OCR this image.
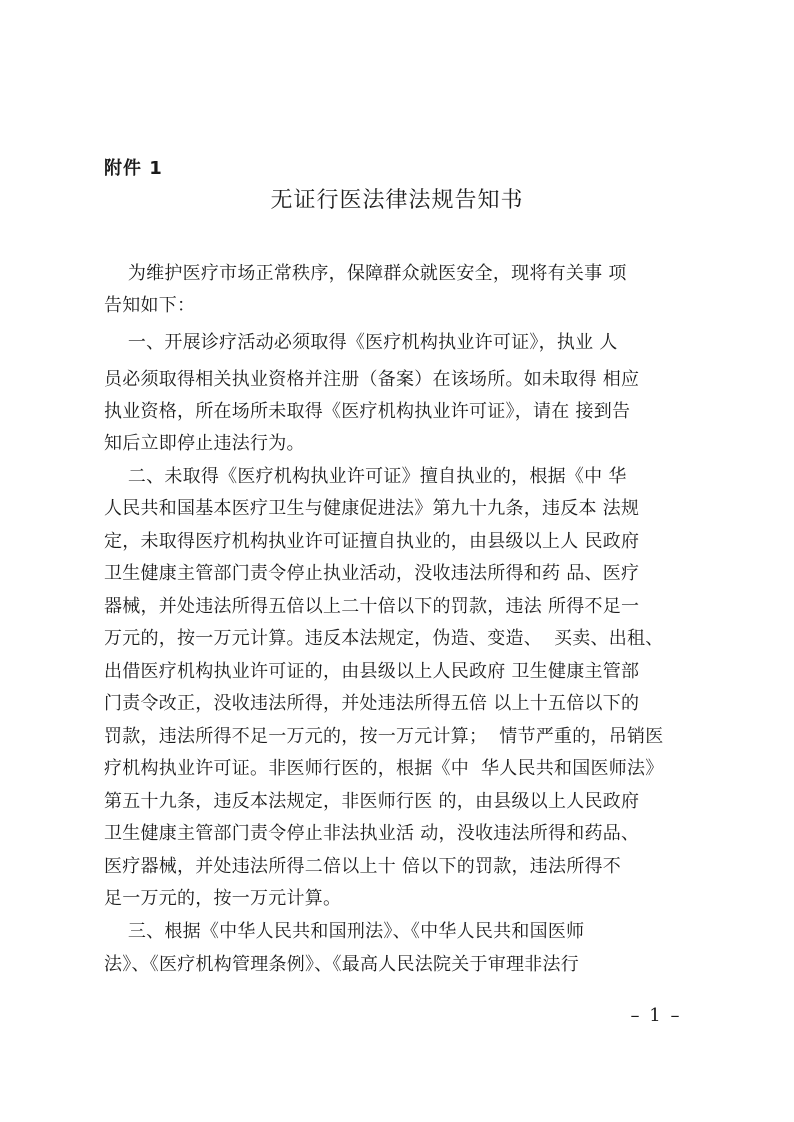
附件 1
无证行医法律法规告知书
为维护医疗市场正常秩序，保障群众就医安全，现将有关事 项
告知如下：
一、开展诊疗活动必须取得《医疗机构执业许可证》，执业 人
员必须取得相关执业资格并注册（备案）在该场所。如未取得 相应
执业资格，所在场所未取得《医疗机构执业许可证》，请在 接到告
知后立即停止违法行为。
二、未取得《医疗机构执业许可证》擅自执业的，根据《中 华
人民共和国基本医疗卫生与健康促进法》第九十九条，违反本 法规
定，未取得医疗机构执业许可证擅自执业的，由县级以上人 民政府
卫生健康主管部门责令停止执业活动，没收违法所得和药 品、医疗
器械，并处违法所得五倍以上二十倍以下的罚款，违法 所得不足一
万元的，按一万元计算。违反本法规定，伪造、变造、  买卖、出租、
出借医疗机构执业许可证的，由县级以上人民政府 卫生健康主管部
门责令改正，没收违法所得，并处违法所得五倍 以上十五倍以下的
罚款，违法所得不足一万元的，按一万元计算；  情节严重的，吊销医
疗机构执业许可证。非医师行医的，根据《中  华人民共和国医师法》
第五十九条，违反本法规定，非医师行医 的，由县级以上人民政府
卫生健康主管部门责令停止非法执业活 动，没收违法所得和药品、
医疗器械，并处违法所得二倍以上十 倍以下的罚款，违法所得不
足一万元的，按一万元计算。
三、根据《中华人民共和国刑法》、《中华人民共和国医师
法》、《医疗机构管理条例》、《最高人民法院关于审理非法行
– 1 –
